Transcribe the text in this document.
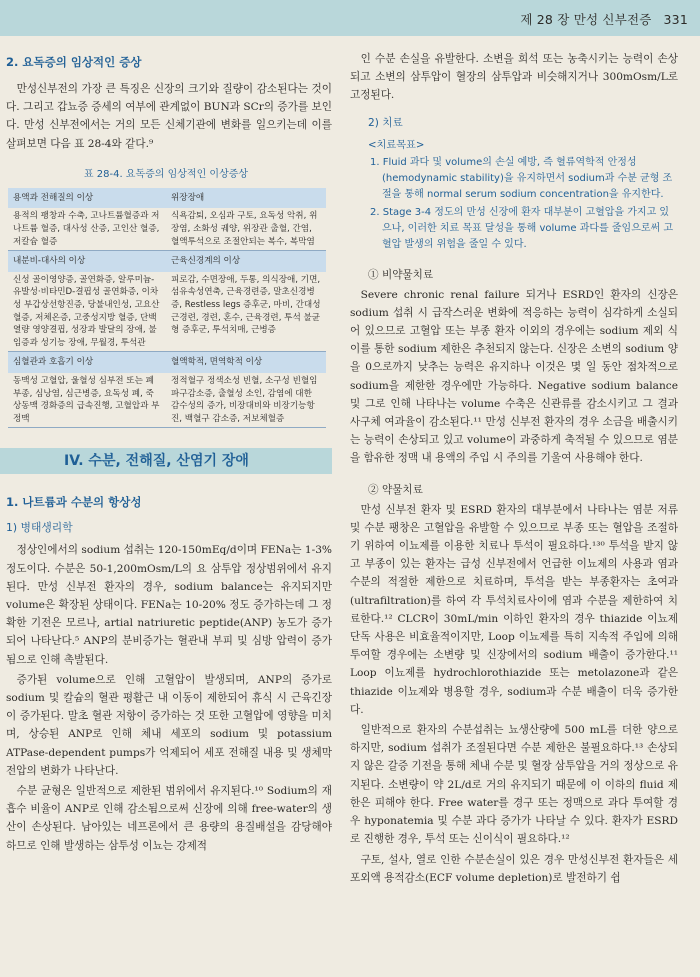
제 28 장 만성 신부전증 331
2. 요독증의 임상적인 증상

만성신부전의 가장 큰 특징은 신장의 크기와 질량이 감소된다는 것이다. 그리고 갑뇨증 증세의 여부에 관계없이 BUN과 SCr의 증가를 보인다. 만성 신부전에서는 거의 모든 신체기관에 변화를 일으키는데 이를 살펴보면 다음 표 28-4와 같다.⁹

표 28-4. 요독증의 임상적인 이상증상
용액과 전해질의 이상	위장장애
용적의 팽창과 수축, 고나트륨혈증과 저나트륨 혈증, 대사성 산증, 고인산 혈증, 저칼슘 혈증	식욕감퇴, 오심과 구토, 요독성 악취, 위장염, 소화성 궤양, 위장관 출혈, 간염, 혈액투석으로 조절안되는 복수, 복막염
내분비-대사의 이상	근육신경계의 이상
신성 골이영양증, 골연화증, 알루미늄-유발성·비타민D-결핍성 골연화증, 이차성 부갑상선항진증, 당불내인성, 고요산 혈증, 저체온증, 고중성지방 혈증, 단백열량 영양결핍, 성장과 발달의 장애, 불임증과 성기능 장애, 무월경, 투석관	피로감, 수면장애, 두통, 의식장애, 기면, 섬유속성연축, 근육경련증, 말초신경병증, Restless legs 증후군, 마비, 간대성 근경련, 경련, 혼수, 근육경련, 투석 불균형 증후군, 투석치매, 근병증
심혈관과 호흡기 이상	혈액학적, 면역학적 이상
동맥성 고혈압, 울혈성 심부전 또는 폐부종, 심낭염, 심근병증, 요독성 폐, 죽상동맥 경화증의 급속진행, 고혈압과 부정맥	정적혈구 정색소성 빈혈, 소구성 빈혈임파구감소증, 출혈성 소인, 감염에 대한 감수성의 증가, 비장대비와 비장기능항진, 백혈구 감소증, 저보체혈증
IV. 수분, 전해질, 산염기 장애
1. 나트륨과 수분의 항상성
1) 병태생리학

정상인에서의 sodium 섭취는 120-150mEq/d이며 FENa는 1-3% 정도이다. 수분은 50-1,200mOsm/L의 요 삼투압 정상범위에서 유지된다. 만성 신부전 환자의 경우, sodium balance는 유지되지만 volume은 확장된 상태이다. FENa는 10-20% 정도 증가하는데 그 정확한 기전은 모르나, artial natriuretic peptide(ANP) 농도가 증가되어 나타난다.⁵ ANP의 분비증가는 혈관내 부피 및 심방 압력이 증가됨으로 인해 촉발된다.

증가된 volume으로 인해 고혈압이 발생되며, ANP의 증가로 sodium 및 칼슘의 혈관 평활근 내 이동이 제한되어 휴식 시 근육긴장이 증가된다. 말초 혈관 저항이 증가하는 것 또한 고혈압에 영향을 미치며, 상승된 ANP로 인해 체내 세포의 sodium 및 potassium ATPase-dependent pumps가 억제되어 세포 전해질 내용 및 생체막 전압의 변화가 나타난다.

수분 균형은 일반적으로 제한된 범위에서 유지된다.¹⁰ Sodium의 재흡수 비율이 ANP로 인해 감소됨으로써 신장에 의해 free-water의 생산이 손상된다. 남아있는 네프론에서 큰 용량의 용질배설을 감당해야 하므로 인해 발생하는 삼투성 이뇨는 강제적

인 수분 손실을 유발한다. 소변을 희석 또는 농축시키는 능력이 손상되고 소변의 삼투압이 혈장의 삼투압과 비슷해지거나 300mOsm/L로 고정된다.

2) 치료
<치료목표>
1. Fluid 과다 및 volume의 손실 예방, 즉 혈류역학적 안정성(hemodynamic stability)을 유지하면서 sodium과 수분 균형 조절을 통해 normal serum sodium concentration을 유지한다.
2. Stage 3-4 정도의 만성 신장에 환자 대부분이 고혈압을 가지고 있으나, 이러한 치료 목표 달성을 통해 volume 과다를 줄임으로써 고혈압 발생의 위험을 줄일 수 있다.
① 비약물치료

Severe chronic renal failure 되거나 ESRD인 환자의 신장은 sodium 섭취 시 급작스러운 변화에 적응하는 능력이 심각하게 소실되어 있으므로 고혈압 또는 부종 환자 이외의 경우에는 sodium 제외 식이를 통한 sodium 제한은 추천되지 않는다. 신장은 소변의 sodium 양을 0으로까지 낮추는 능력은 유지하나 이것은 몇 일 동안 점차적으로 sodium을 제한한 경우에만 가능하다. Negative sodium balance 및 그로 인해 나타나는 volume 수축은 신관류를 감소시키고 그 결과 사구체 여과율이 감소된다.¹¹ 만성 신부전 환자의 경우 소금을 배출시키는 능력이 손상되고 있고 volume이 과중하게 축적될 수 있으므로 염분을 함유한 정맥 내 용액의 주입 시 주의를 기울여 사용해야 한다.

② 약물치료

만성 신부전 환자 및 ESRD 환자의 대부분에서 나타나는 염분 저류 및 수분 팽창은 고혈압을 유발할 수 있으므로 부종 또는 혈압을 조절하기 위하여 이뇨제를 이용한 치료나 투석이 필요하다.¹³⁰ 투석을 받지 않고 부종이 있는 환자는 급성 신부전에서 언급한 이뇨제의 사용과 염과 수분의 적절한 제한으로 치료하며, 투석을 받는 부종환자는 초여과(ultrafiltration)를 하여 각 투석치료사이에 염과 수분을 제한하여 치료한다.¹² CLCR이 30mL/min 이하인 환자의 경우 thiazide 이뇨제 단독 사용은 비효율적이지만, Loop 이뇨제를 특히 지속적 주입에 의해 투여할 경우에는 소변량 및 신장에서의 sodium 배출이 증가한다.¹¹ Loop 이뇨제를 hydrochlorothiazide 또는 metolazone과 같은 thiazide 이뇨제와 병용할 경우, sodium과 수분 배출이 더욱 증가한다.

일반적으로 환자의 수분섭취는 뇨생산량에 500 mL를 더한 양으로 하지만, sodium 섭취가 조절된다면 수분 제한은 불필요하다.¹³ 손상되지 않은 갈증 기전을 통해 체내 수분 및 혈장 삼투압을 거의 정상으로 유지된다. 소변량이 약 2L/d로 거의 유지되기 때문에 이 이하의 fluid 제한은 피해야 한다. Free water를 경구 또는 정맥으로 과다 투여할 경우 hyponatemia 및 수분 과다 증가가 나타날 수 있다. 환자가 ESRD로 진행한 경우, 투석 또는 신이식이 필요하다.¹²

구토, 설사, 열로 인한 수분손실이 있은 경우 만성신부전 환자들은 세포외액 용적감소(ECF volume depletion)로 발전하기 쉽
